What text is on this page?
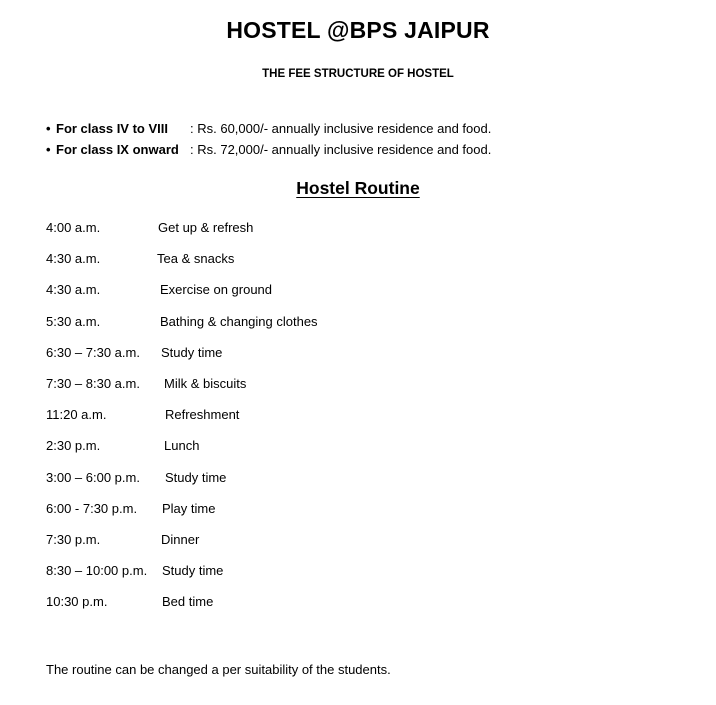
HOSTEL @BPS JAIPUR
THE FEE STRUCTURE OF HOSTEL
• For class IV to VIII : Rs. 60,000/- annually inclusive residence and food.
• For class IX onward : Rs. 72,000/- annually inclusive residence and food.
Hostel Routine
4:00 a.m.	Get up & refresh
4:30 a.m.	Tea & snacks
4:30 a.m.	Exercise on ground
5:30 a.m.	Bathing & changing clothes
6:30 – 7:30 a.m. Study time
7:30 – 8:30 a.m. Milk & biscuits
11:20 a.m.	Refreshment
2:30 p.m.	Lunch
3:00 – 6:00 p.m. Study time
6:00 - 7:30 p.m. Play time
7:30 p.m.	Dinner
8:30 – 10:00 p.m. Study time
10:30 p.m.	Bed time
The routine can be changed a per suitability of the students.
